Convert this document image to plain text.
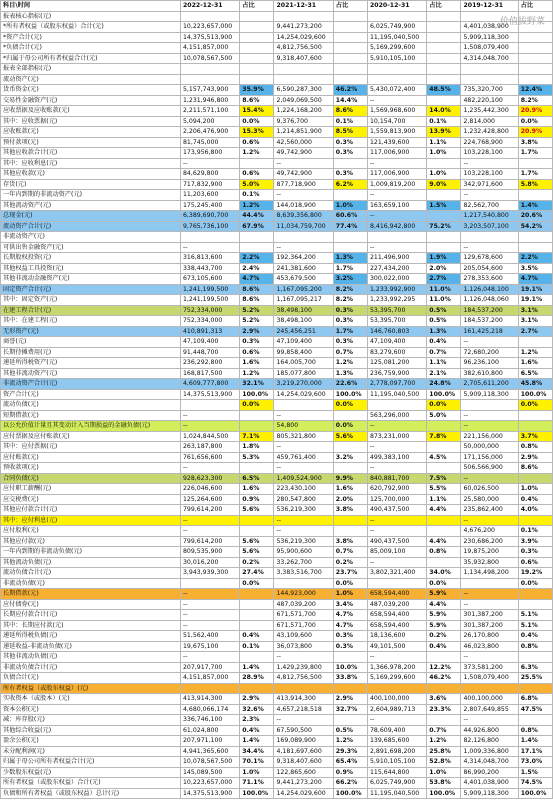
科目\时间	2022-12-31	占比	2021-12-31	占比	2020-12-31	占比	2019-12-31	占比
报表核心指标(元)								
*所有者权益（或股东权益）合计(元)	10,223,657,000		9,441,273,200		6,025,749,900		4,401,038,900	
*资产合计(元)	14,375,513,900		14,254,029,600		11,195,040,500		5,909,118,300	
*负债合计(元)	4,151,857,000		4,812,756,500		5,169,299,600		1,508,079,400	
*归属于母公司所有者权益合计(元)	10,078,567,500		9,318,407,600		5,910,105,100		4,314,048,700	
报表全部指标(元)								
流动资产(元)								
货币资金(元)	5,157,743,900	35.9%	6,590,287,300	46.2%	5,430,072,400	48.5%	735,320,700	12.4%
交易性金融资产(元)	1,231,946,800	8.6%	2,049,069,500	14.4%	--		482,220,100	8.2%
应收票据及应收账款(元)	2,211,571,100	15.4%	1,224,168,200	8.6%	1,569,968,600	14.0%	1,235,442,300	20.9%
其中：应收票据(元)	5,094,200	0.0%	9,376,700	0.1%	10,154,700	0.1%	2,814,000	0.0%
应收账款(元)	2,206,476,900	15.3%	1,214,851,900	8.5%	1,559,813,900	13.9%	1,232,428,800	20.9%
预付款项(元)	81,745,000	0.6%	42,560,000	0.3%	121,439,600	1.1%	224,768,900	3.8%
其他应收款合计(元)	173,956,800	1.2%	49,742,900	0.3%	117,006,900	1.0%	103,228,100	1.7%
其中：应收利息(元)	--		--		--		--	
其他应收款(元)	84,629,800	0.6%	49,742,900	0.3%	117,006,900	1.0%	103,228,100	1.7%
存货(元)	717,832,900	5.0%	877,718,900	6.2%	1,009,819,200	9.0%	342,971,600	5.8%
一年内到期的非流动资产(元)	11,203,600	0.1%	--		--		--	
其他流动资产(元)	175,245,400	1.2%	144,018,900	1.0%	163,659,100	1.5%	82,562,700	1.4%
总现金(元)	6,389,690,700	44.4%	8,639,356,800	60.6%	--		1,217,540,800	20.6%
流动资产合计(元)	9,765,736,100	67.9%	11,034,759,700	77.4%	8,416,942,800	75.2%	3,203,507,100	54.2%
非流动资产(元)								
可供出售金融资产(元)	--		--		--		--	
长期股权投资(元)	316,813,600	2.2%	192,364,200	1.3%	211,496,900	1.9%	129,678,600	2.2%
其他权益工具投资(元)	338,443,700	2.4%	241,381,600	1.7%	227,434,200	2.0%	205,054,600	3.5%
其他非流动金融资产(元)	673,105,600	4.7%	453,679,500	3.2%	300,022,000	2.7%	278,353,600	4.7%
固定资产合计(元)	1,241,199,500	8.6%	1,167,095,200	8.2%	1,233,992,900	11.0%	1,126,048,100	19.1%
其中：固定资产(元)	1,241,199,500	8.6%	1,167,095,217	8.2%	1,233,992,295	11.0%	1,126,048,060	19.1%
在建工程合计(元)	752,334,000	5.2%	38,498,100	0.3%	53,395,700	0.5%	184,537,200	3.1%
其中：在建工程(元)	752,334,000	5.2%	38,498,100	0.3%	53,395,700	0.5%	184,537,200	3.1%
无形资产(元)	410,891,313	2.9%	245,456,251	1.7%	146,760,803	1.3%	161,425,218	2.7%
商誉(元)	47,109,400	0.3%	47,109,400	0.3%	47,109,400	0.4%	--	
长期待摊费用(元)	91,448,700	0.6%	99,858,400	0.7%	83,279,600	0.7%	72,680,200	1.2%
递延所得税资产(元)	236,292,800	1.6%	164,005,700	1.2%	125,081,200	1.1%	96,236,100	1.6%
其他非流动资产(元)	168,817,500	1.2%	185,077,800	1.3%	236,759,900	2.1%	382,610,800	6.5%
非流动资产合计(元)	4,609,777,800	32.1%	3,219,270,000	22.6%	2,778,097,700	24.8%	2,705,611,200	45.8%
资产合计(元)	14,375,513,900	100.0%	14,254,029,600	100.0%	11,195,040,500	100.0%	5,909,118,300	100.0%
流动负债(元)		0.0%		0.0%		0.0%		0.0%
短期借款(元)	--		--		563,296,000	5.0%	--	
以公允价值计量且其变动计入当期损益的金融负债(元)	--		54,800	0.0%	--		--	
应付票据及应付账款(元)	1,024,844,500	7.1%	805,321,800	5.6%	873,231,000	7.8%	221,156,000	3.7%
其中：应付票据(元)	263,187,800	1.8%	--		--		50,000,000	0.8%
应付账款(元)	761,656,600	5.3%	459,761,400	3.2%	499,383,100	4.5%	171,156,000	2.9%
预收款项(元)	--		--		--		506,566,900	8.6%
合同负债(元)	928,623,300	6.5%	1,409,524,900	9.9%	840,881,700	7.5%	--	
应付职工薪酬(元)	226,046,600	1.6%	223,430,100	1.6%	620,792,900	5.5%	60,026,500	1.0%
应交税费(元)	125,264,600	0.9%	280,547,800	2.0%	125,700,000	1.1%	25,580,000	0.4%
其他应付款合计(元)	799,614,200	5.6%	536,219,300	3.8%	490,437,500	4.4%	235,862,400	4.0%
其中：应付利息(元)	--		--		--		--	
应付股利(元)	--		--		--		4,676,200	0.1%
其他应付款(元)	799,614,200	5.6%	536,219,300	3.8%	490,437,500	4.4%	230,686,200	3.9%
一年内到期的非流动负债(元)	809,535,900	5.6%	95,900,600	0.7%	85,009,100	0.8%	19,875,200	0.3%
其他流动负债(元)	30,016,200	0.2%	33,262,700	0.2%	--		35,932,800	0.6%
流动负债合计(元)	3,943,939,300	27.4%	3,383,516,700	23.7%	3,802,321,400	34.0%	1,134,498,200	19.2%
非流动负债(元)		0.0%		0.0%		0.0%		0.0%
长期借款(元)	--		144,923,000	1.0%	658,594,400	5.9%	--	
应付债券(元)	--		487,039,200	3.4%	487,039,200	4.4%	--	
长期应付款合计(元)	--		671,571,700	4.7%	658,594,400	5.9%	301,387,200	5.1%
其中：长期应付款(元)	--		671,571,700	4.7%	658,594,400	5.9%	301,387,200	5.1%
递延所得税负债(元)	51,562,400	0.4%	43,109,600	0.3%	18,136,600	0.2%	26,170,800	0.4%
递延收益-非流动负债(元)	19,675,100	0.1%	36,073,800	0.3%	49,101,500	0.4%	46,023,800	0.8%
其他非流动负债(元)	--		--		--		--	
非流动负债合计(元)	207,917,700	1.4%	1,429,239,800	10.0%	1,366,978,200	12.2%	373,581,200	6.3%
负债合计(元)	4,151,857,000	28.9%	4,812,756,500	33.8%	5,169,299,600	46.2%	1,508,079,400	25.5%
所有者权益（或股东权益）(元)								
实收资本（或股本）(元)	413,914,300	2.9%	413,914,300	2.9%	400,100,000	3.6%	400,100,000	6.8%
资本公积(元)	4,680,066,174	32.6%	4,657,218,518	32.7%	2,604,989,713	23.3%	2,807,649,855	47.5%
减：库存股(元)	336,746,100	2.3%	--		--		--	
其他综合收益(元)	61,024,800	0.4%	67,590,500	0.5%	78,609,400	0.7%	44,926,800	0.8%
盈余公积(元)	207,971,100	1.4%	169,089,900	1.2%	139,685,600	1.2%	82,126,800	1.4%
未分配利润(元)	4,941,365,600	34.4%	4,181,697,600	29.3%	2,891,698,200	25.8%	1,009,336,800	17.1%
归属于母公司所有者权益合计(元)	10,078,567,500	70.1%	9,318,407,600	65.4%	5,910,105,100	52.8%	4,314,048,700	73.0%
少数股东权益(元)	145,089,500	1.0%	122,865,600	0.9%	115,644,800	1.0%	86,990,200	1.5%
所有者权益（或股东权益）合计(元)	10,223,657,000	71.1%	9,441,273,200	66.2%	6,025,749,900	53.8%	4,401,038,900	74.5%
负债和所有者权益（或股东权益）总计(元)	14,375,513,900	100.0%	14,254,029,600	100.0%	11,195,040,500	100.0%	5,909,118,300	100.0%
价值拔野菜
